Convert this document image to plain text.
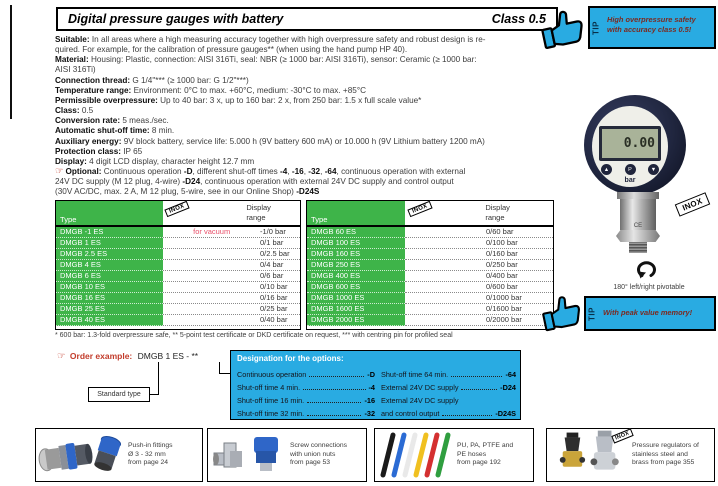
Digital pressure gauges with battery	Class 0.5
TIP
High overpressure safety
with accuracy class 0.5!
Suitable: In all areas where a high measuring accuracy together with high overpressure safety and robust design is re-
quired. For example, for the calibration of pressure gauges** (when using the hand pump HP 40).
Material: Housing: Plastic, connection: AISI 316Ti, seal: NBR (≥ 1000 bar: AISI 316Ti), sensor: Ceramic (≥ 1000 bar:
AISI 316Ti)
Connection thread: G 1/4"*** (≥ 1000 bar: G 1/2"***)
Temperature range: Environment: 0°C to max. +60°C, medium: -30°C to max. +85°C
Permissible overpressure: Up to 40 bar: 3 x, up to 160 bar: 2 x, from 250 bar: 1.5 x full scale value*
Class: 0.5
Conversion rate: 5 meas./sec.
Automatic shut-off time: 8 min.
Auxiliary energy: 9V block battery, service life: 5.000 h (9V battery 600 mA) or 10.000 h (9V Lithium battery 1200 mA)
Protection class: IP 65
Display: 4 digit LCD display, character height 12.7 mm
☞ Optional: Continuous operation -D, different shut-off times -4, -16, -32, -64, continuous operation with external
24V DC supply (M 12 plug, 4-wire) -D24, continuous operation with external 24V DC supply and control output
(30V AC/DC, max. 2 A, M 12 plug, 5-wire, see in our Online Shop) -D24S
Type
INOX	Display
range
DMGB -1 ES	for vacuum	-1/0 bar
DMGB 1 ES	0/1 bar
DMGB 2.5 ES	0/2.5 bar
DMGB 4 ES	0/4 bar
DMGB 6 ES	0/6 bar
DMGB 10 ES	0/10 bar
DMGB 16 ES	0/16 bar
DMGB 25 ES	0/25 bar
DMGB 40 ES	0/40 bar
Type
INOX	Display
range
DMGB 60 ES	0/60 bar
DMGB 100 ES	0/100 bar
DMGB 160 ES	0/160 bar
DMGB 250 ES	0/250 bar
DMGB 400 ES	0/400 bar
DMGB 600 ES	0/600 bar
DMGB 1000 ES	0/1000 bar
DMGB 1600 ES	0/1600 bar
DMGB 2000 ES	0/2000 bar
* 600 bar: 1.3-fold overpressure safe, ** 5-point test certificate or DKD certificate on request, *** with centring pin for profiled seal
☞ Order example: DMGB 1 ES - **
Standard type
Designation for the options:
Continuous operation	-D
Shut-off time 4 min.	-4
Shut-off time 16 min.	-16
Shut-off time 32 min.	-32
Shut-off time 64 min.	-64
External 24V DC supply	-D24
External 24V DC supply
and control output	-D24S
0.00
▲	P	▼
bar
CE
INOX
180° left/right pivotable
TIP With peak value memory!
Push-in fittings
Ø 3 - 32 mm
from page 24
Screw connections
with union nuts
from page 53
PU, PA, PTFE and
PE hoses
from page 192
INOX
Pressure regulators of
stainless steel and
brass from page 355
